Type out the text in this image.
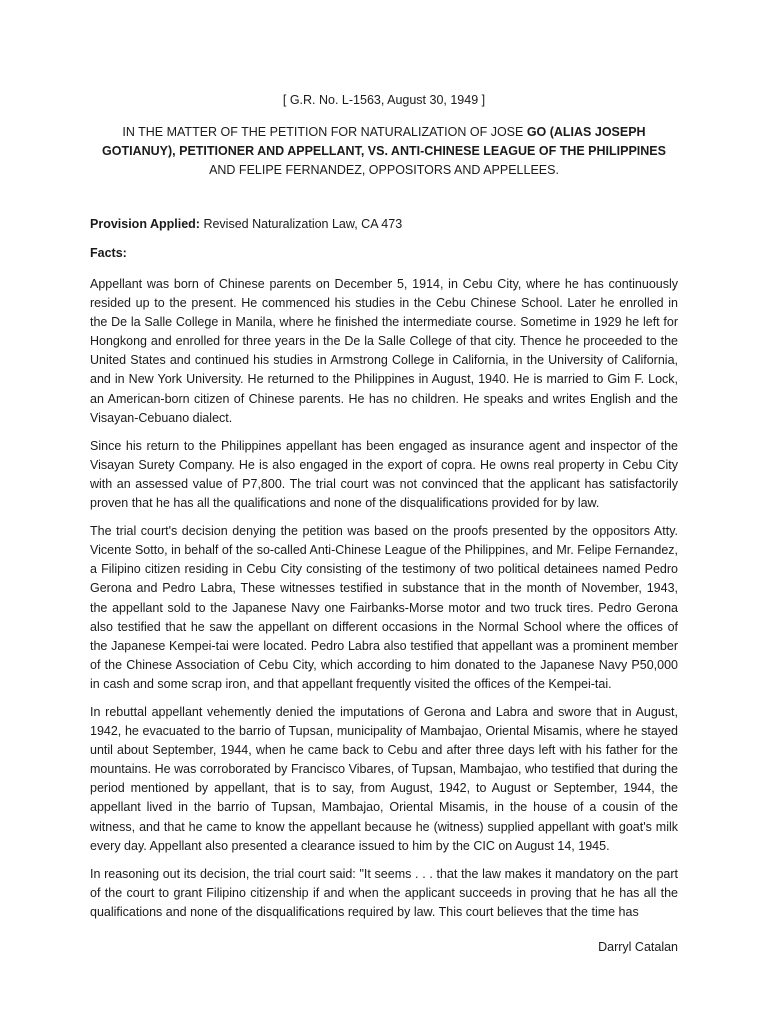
[ G.R. No. L-1563, August 30, 1949 ]
IN THE MATTER OF THE PETITION FOR NATURALIZATION OF JOSE GO (ALIAS JOSEPH GOTIANUY), PETITIONER AND APPELLANT, VS. ANTI-CHINESE LEAGUE OF THE PHILIPPINES AND FELIPE FERNANDEZ, OPPOSITORS AND APPELLEES.
Provision Applied: Revised Naturalization Law, CA 473
Facts:

Appellant was born of Chinese parents on December 5, 1914, in Cebu City, where he has continuously resided up to the present. He commenced his studies in the Cebu Chinese School. Later he enrolled in the De la Salle College in Manila, where he finished the intermediate course. Sometime in 1929 he left for Hongkong and enrolled for three years in the De la Salle College of that city. Thence he proceeded to the United States and continued his studies in Armstrong College in California, in the University of California, and in New York University. He returned to the Philippines in August, 1940. He is married to Gim F. Lock, an American-born citizen of Chinese parents. He has no children. He speaks and writes English and the Visayan-Cebuano dialect.

Since his return to the Philippines appellant has been engaged as insurance agent and inspector of the Visayan Surety Company. He is also engaged in the export of copra. He owns real property in Cebu City with an assessed value of P7,800. The trial court was not convinced that the applicant has satisfactorily proven that he has all the qualifications and none of the disqualifications provided for by law.

The trial court's decision denying the petition was based on the proofs presented by the oppositors Atty. Vicente Sotto, in behalf of the so-called Anti-Chinese League of the Philippines, and Mr. Felipe Fernandez, a Filipino citizen residing in Cebu City consisting of the testimony of two political detainees named Pedro Gerona and Pedro Labra, These witnesses testified in substance that in the month of November, 1943, the appellant sold to the Japanese Navy one Fairbanks-Morse motor and two truck tires. Pedro Gerona also testified that he saw the appellant on different occasions in the Normal School where the offices of the Japanese Kempei-tai were located. Pedro Labra also testified that appellant was a prominent member of the Chinese Association of Cebu City, which according to him donated to the Japanese Navy P50,000 in cash and some scrap iron, and that appellant frequently visited the offices of the Kempei-tai.

In rebuttal appellant vehemently denied the imputations of Gerona and Labra and swore that in August, 1942, he evacuated to the barrio of Tupsan, municipality of Mambajao, Oriental Misamis, where he stayed until about September, 1944, when he came back to Cebu and after three days left with his father for the mountains. He was corroborated by Francisco Vibares, of Tupsan, Mambajao, who testified that during the period mentioned by appellant, that is to say, from August, 1942, to August or September, 1944, the appellant lived in the barrio of Tupsan, Mambajao, Oriental Misamis, in the house of a cousin of the witness, and that he came to know the appellant because he (witness) supplied appellant with goat's milk every day. Appellant also presented a clearance issued to him by the CIC on August 14, 1945.

In reasoning out its decision, the trial court said: "It seems . . . that the law makes it mandatory on the part of the court to grant Filipino citizenship if and when the applicant succeeds in proving that he has all the qualifications and none of the disqualifications required by law. This court believes that the time has

Darryl Catalan
